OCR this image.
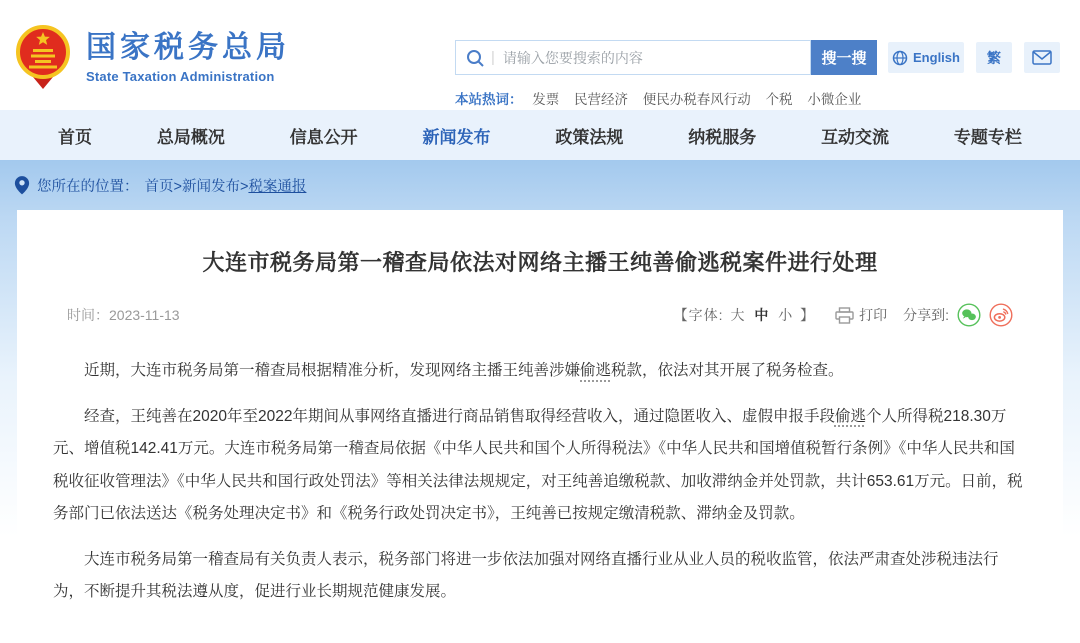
国家税务总局
State Taxation Administration
|
请输入您要搜索的内容	搜一搜	English	繁
本站热词： 发票 民营经济 便民办税春风行动 个税 小微企业
首页	总局概况	信息公开	新闻发布	政策法规	纳税服务	互动交流	专题专栏
您所在的位置： 首页>新闻发布> 税案通报
大连市税务局第一稽查局依法对网络主播王纯善偷逃税案件进行处理
时间：2023-11-13	【字体: 大 中 小 】	打印 分享到:

近期，大连市税务局第一稽查局根据精准分析，发现网络主播王纯善涉嫌偷逃税款，依法对其开展了税务检查。

经查，王纯善在2020年至2022年期间从事网络直播进行商品销售取得经营收入，通过隐匿收入、虚假申报手段偷逃个人所得税218.30万元、增值税142.41万元。大连市税务局第一稽查局依据《中华人民共和国个人所得税法》《中华人民共和国增值税暂行条例》《中华人民共和国税收征收管理法》《中华人民共和国行政处罚法》等相关法律法规规定，对王纯善追缴税款、加收滞纳金并处罚款，共计653.61万元。日前，税务部门已依法送达《税务处理决定书》和《税务行政处罚决定书》，王纯善已按规定缴清税款、滞纳金及罚款。

大连市税务局第一稽查局有关负责人表示，税务部门将进一步依法加强对网络直播行业从业人员的税收监管，依法严肃查处涉税违法行为，不断提升其税法遵从度，促进行业长期规范健康发展。
